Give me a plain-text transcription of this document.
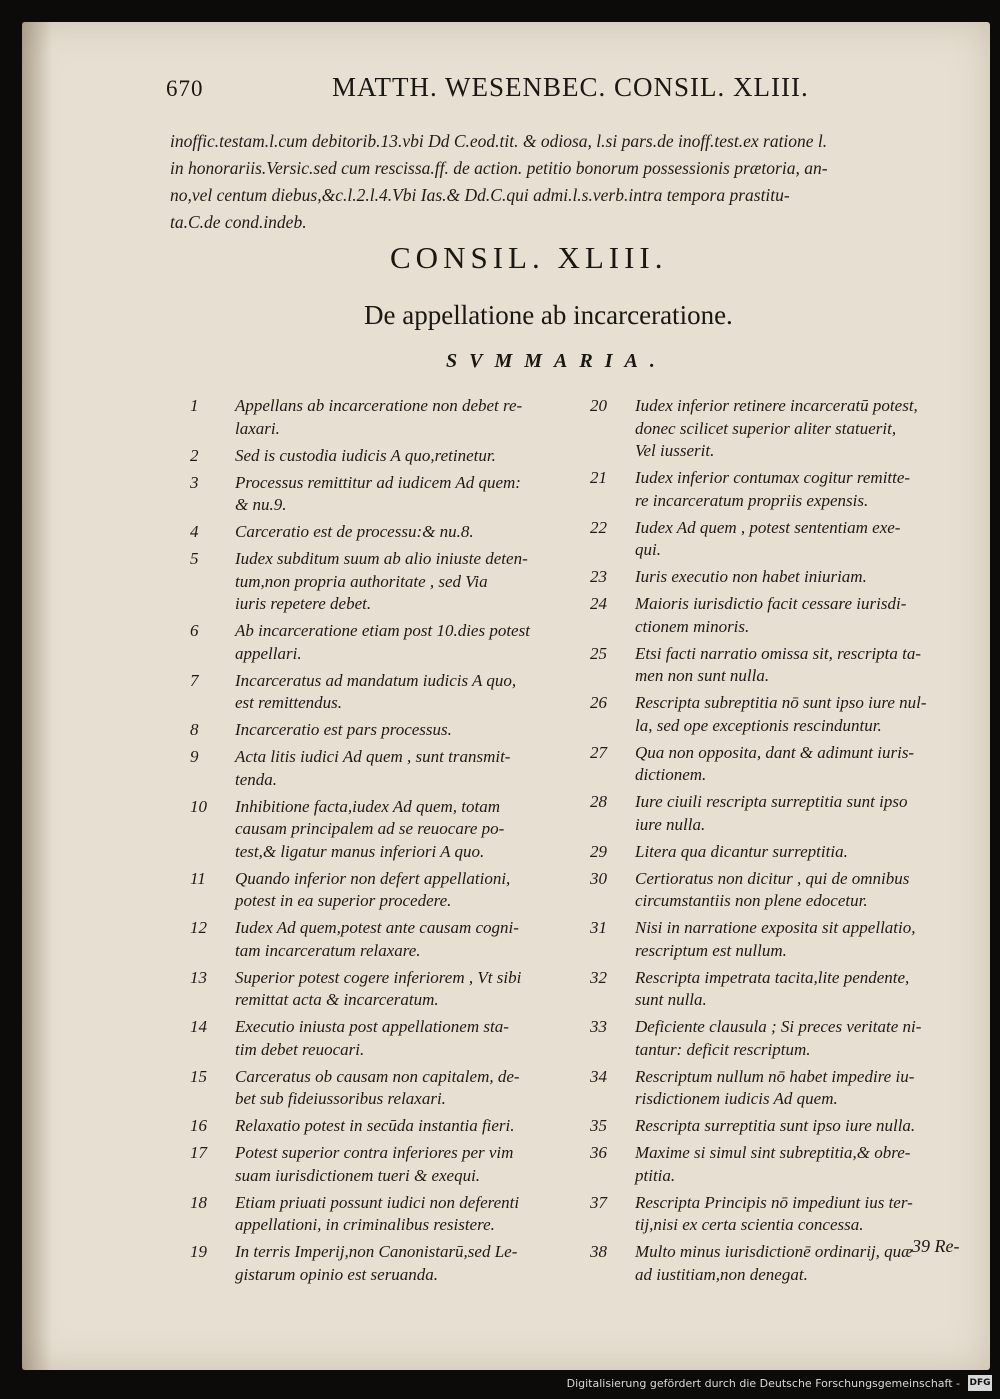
670	MATTH. WESENBEC. CONSIL. XLIII.
inoffic.testam.l.cum debitorib.13.vbi Dd C.eod.tit. & odiosa, l.si pars.de inoff.test.ex ratione l.
in honorariis.Versic.sed cum rescissa.ff. de action. petitio bonorum possessionis prætoria, an-
no,vel centum diebus,&c.l.2.l.4.Vbi Ias.& Dd.C.qui admi.l.s.verb.intra tempora prastitu-
ta.C.de cond.indeb.
CONSIL. XLIII.
De appellatione ab incarceratione.
SVMMARIA.
1	Appellans ab incarceratione non debet re-
laxari.
2	Sed is custodia iudicis A quo,retinetur.
3	Processus remittitur ad iudicem Ad quem:
& nu.9.
4	Carceratio est de processu:& nu.8.
5	Iudex subditum suum ab alio iniuste deten-
tum,non propria authoritate , sed Via
iuris repetere debet.
6	Ab incarceratione etiam post 10.dies potest
appellari.
7	Incarceratus ad mandatum iudicis A quo,
est remittendus.
8	Incarceratio est pars processus.
9	Acta litis iudici Ad quem , sunt transmit-
tenda.
10	Inhibitione facta,iudex Ad quem, totam
causam principalem ad se reuocare po-
test,& ligatur manus inferiori A quo.
11	Quando inferior non defert appellationi,
potest in ea superior procedere.
12	Iudex Ad quem,potest ante causam cogni-
tam incarceratum relaxare.
13	Superior potest cogere inferiorem , Vt sibi
remittat acta & incarceratum.
14	Executio iniusta post appellationem sta-
tim debet reuocari.
15	Carceratus ob causam non capitalem, de-
bet sub fideiussoribus relaxari.
16	Relaxatio potest in secūda instantia fieri.
17	Potest superior contra inferiores per vim
suam iurisdictionem tueri & exequi.
18	Etiam priuati possunt iudici non deferenti
appellationi, in criminalibus resistere.
19	In terris Imperij,non Canonistarū,sed Le-
gistarum opinio est seruanda.
20	Iudex inferior retinere incarceratū potest,
donec scilicet superior aliter statuerit,
Vel iusserit.
21	Iudex inferior contumax cogitur remitte-
re incarceratum propriis expensis.
22	Iudex Ad quem , potest sententiam exe-
qui.
23	Iuris executio non habet iniuriam.
24	Maioris iurisdictio facit cessare iurisdi-
ctionem minoris.
25	Etsi facti narratio omissa sit, rescripta ta-
men non sunt nulla.
26	Rescripta subreptitia nō sunt ipso iure nul-
la, sed ope exceptionis rescinduntur.
27	Qua non opposita, dant & adimunt iuris-
dictionem.
28	Iure ciuili rescripta surreptitia sunt ipso
iure nulla.
29	Litera qua dicantur surreptitia.
30	Certioratus non dicitur , qui de omnibus
circumstantiis non plene edocetur.
31	Nisi in narratione exposita sit appellatio,
rescriptum est nullum.
32	Rescripta impetrata tacita,lite pendente,
sunt nulla.
33	Deficiente clausula ; Si preces veritate ni-
tantur: deficit rescriptum.
34	Rescriptum nullum nō habet impedire iu-
risdictionem iudicis Ad quem.
35	Rescripta surreptitia sunt ipso iure nulla.
36	Maxime si simul sint subreptitia,& obre-
ptitia.
37	Rescripta Principis nō impediunt ius ter-
tij,nisi ex certa scientia concessa.
38	Multo minus iurisdictionē ordinarij, quæ
ad iustitiam,non denegat.
39 Re-
Digitalisierung gefördert durch die Deutsche Forschungsgemeinschaft - DFG
